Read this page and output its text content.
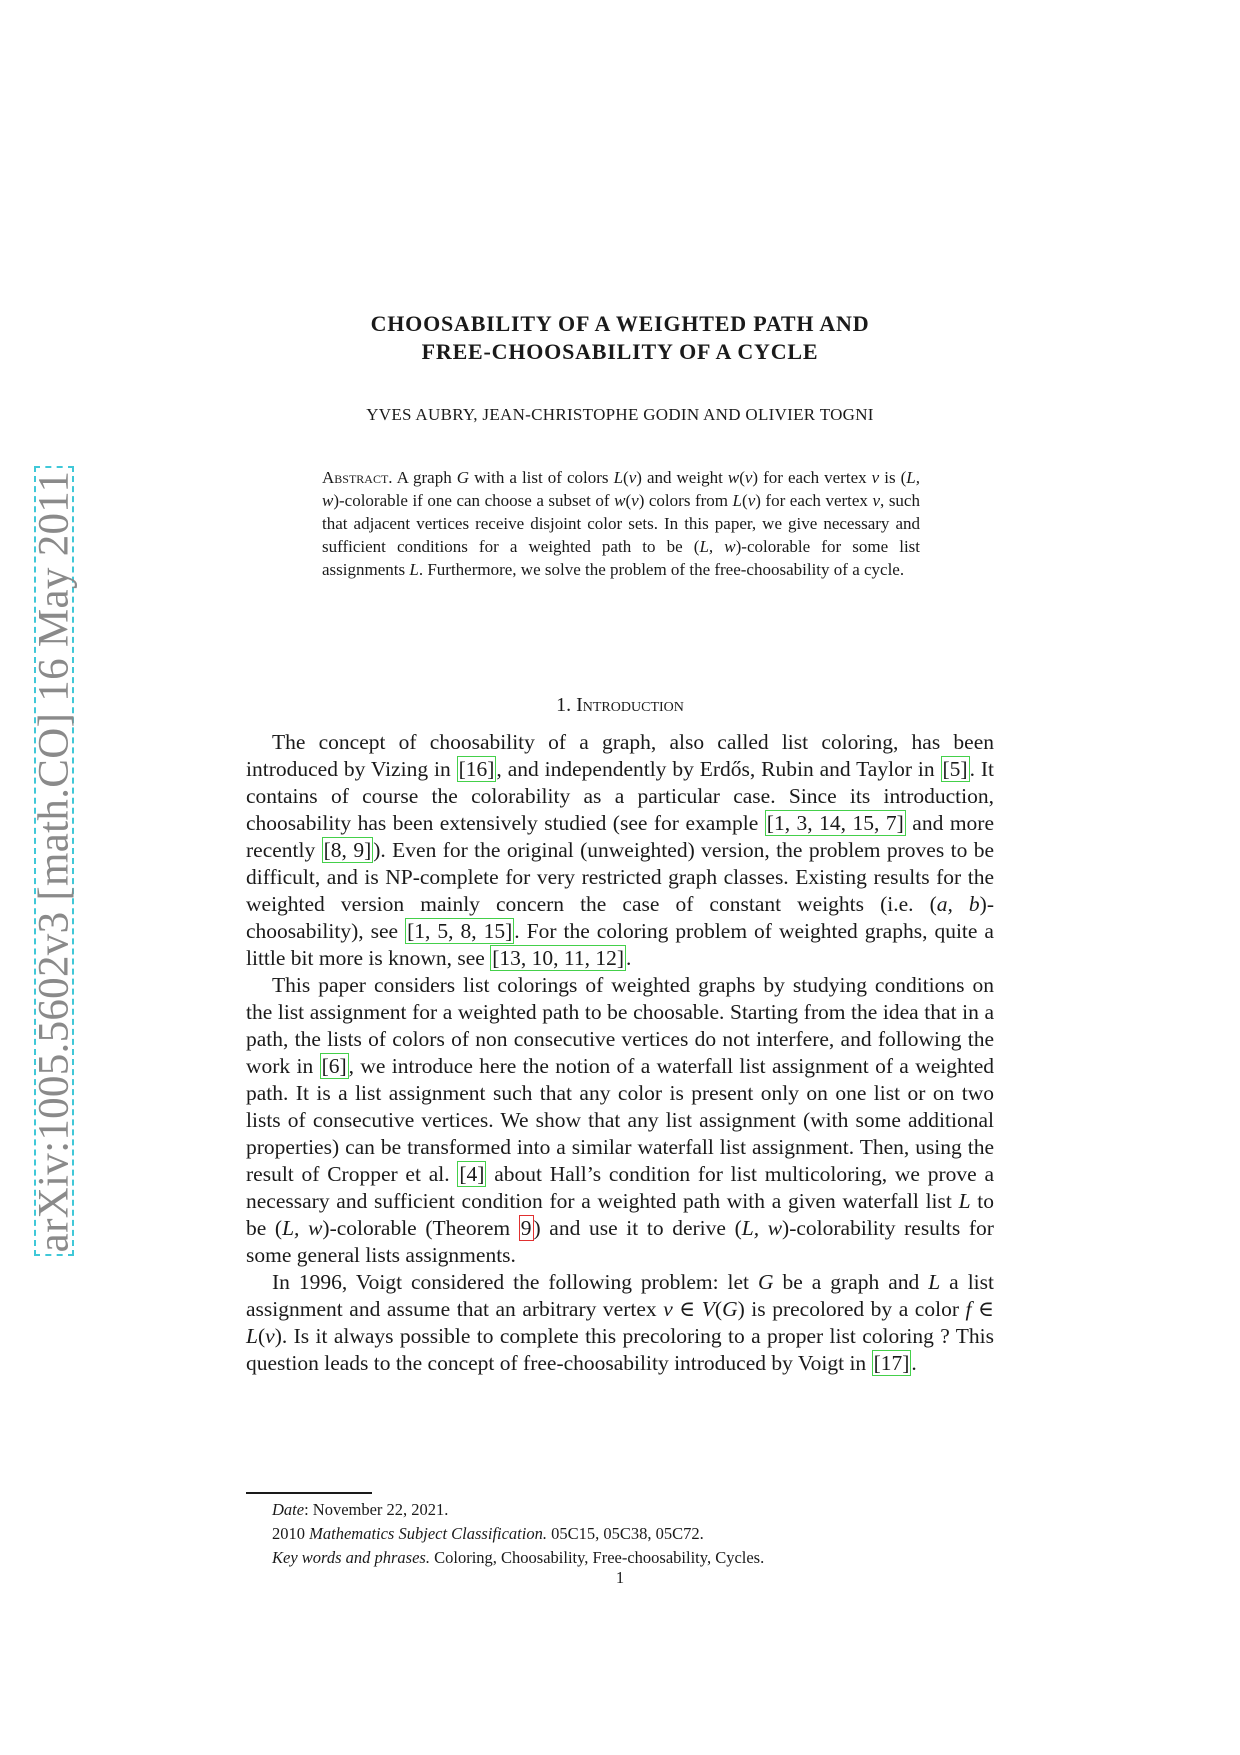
arXiv:1005.5602v3 [math.CO] 16 May 2011
CHOOSABILITY OF A WEIGHTED PATH AND
FREE-CHOOSABILITY OF A CYCLE
YVES AUBRY, JEAN-CHRISTOPHE GODIN AND OLIVIER TOGNI
Abstract. A graph G with a list of colors L(v) and weight w(v) for each vertex v is (L, w)-colorable if one can choose a subset of w(v) colors from L(v) for each vertex v, such that adjacent vertices receive disjoint color sets. In this paper, we give necessary and sufficient conditions for a weighted path to be (L, w)-colorable for some list assignments L. Furthermore, we solve the problem of the free-choosability of a cycle.
1. Introduction

The concept of choosability of a graph, also called list coloring, has been introduced by Vizing in [16], and independently by Erdős, Rubin and Taylor in [5]. It contains of course the colorability as a particular case. Since its introduction, choosability has been extensively studied (see for example [1, 3, 14, 15, 7] and more recently [8, 9]). Even for the original (unweighted) version, the problem proves to be difficult, and is NP-complete for very restricted graph classes. Existing results for the weighted version mainly concern the case of constant weights (i.e. (a, b)-choosability), see [1, 5, 8, 15]. For the coloring problem of weighted graphs, quite a little bit more is known, see [13, 10, 11, 12].

This paper considers list colorings of weighted graphs by studying conditions on the list assignment for a weighted path to be choosable. Starting from the idea that in a path, the lists of colors of non consecutive vertices do not interfere, and following the work in [6], we introduce here the notion of a waterfall list assignment of a weighted path. It is a list assignment such that any color is present only on one list or on two lists of consecutive vertices. We show that any list assignment (with some additional properties) can be transformed into a similar waterfall list assignment. Then, using the result of Cropper et al. [4] about Hall’s condition for list multicoloring, we prove a necessary and sufficient condition for a weighted path with a given waterfall list L to be (L, w)-colorable (Theorem 9) and use it to derive (L, w)-colorability results for some general lists assignments.

In 1996, Voigt considered the following problem: let G be a graph and L a list assignment and assume that an arbitrary vertex v ∈ V(G) is precolored by a color f ∈ L(v). Is it always possible to complete this precoloring to a proper list coloring ? This question leads to the concept of free-choosability introduced by Voigt in [17].

Date: November 22, 2021.

2010 Mathematics Subject Classification. 05C15, 05C38, 05C72.

Key words and phrases. Coloring, Choosability, Free-choosability, Cycles.

1
